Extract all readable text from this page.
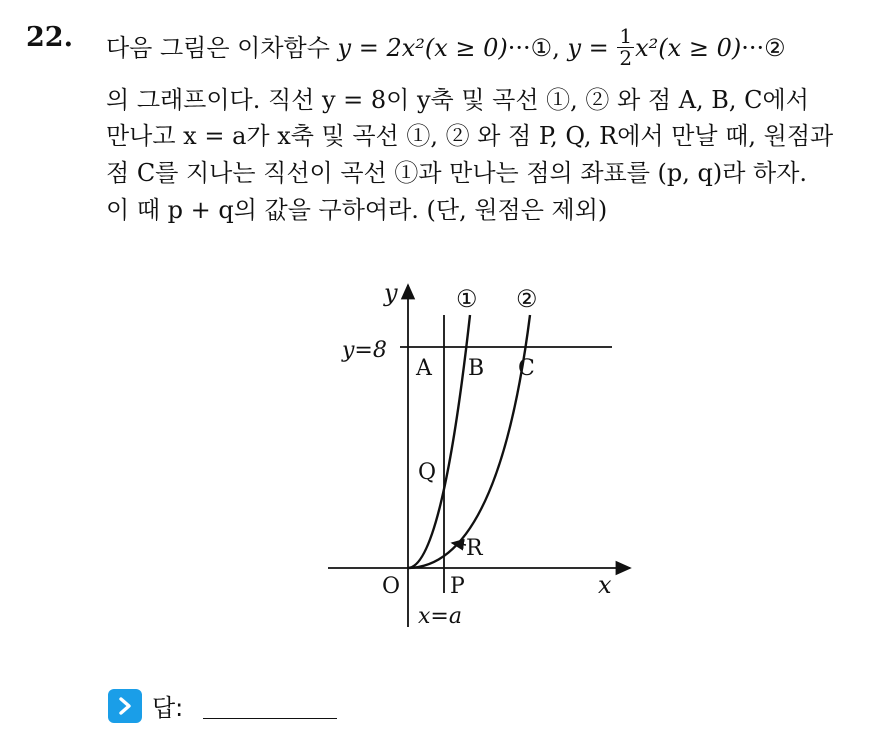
22. 다음 그림은 이차함수 y = 2x²(x ≥ 0)···①, $y = \frac{1}{2} x^2(x$ ≥ 0)···②
의 그래프이다. 직선 y = 8이 y축 및 곡선 ①, ② 와 점 A, B, C에서
만나고 x = a가 x축 및 곡선 ①, ② 와 점 P, Q, R에서 만날 때, 원점과
점 C를 지나는 직선이 곡선 ①과 만나는 점의 좌표를 (p, q)라 하자.
이 때 p + q의 값을 구하여라. (단, 원점은 제외)
y
x
① ②
y=8
A B C
Q
R
O P
x=a
답:
